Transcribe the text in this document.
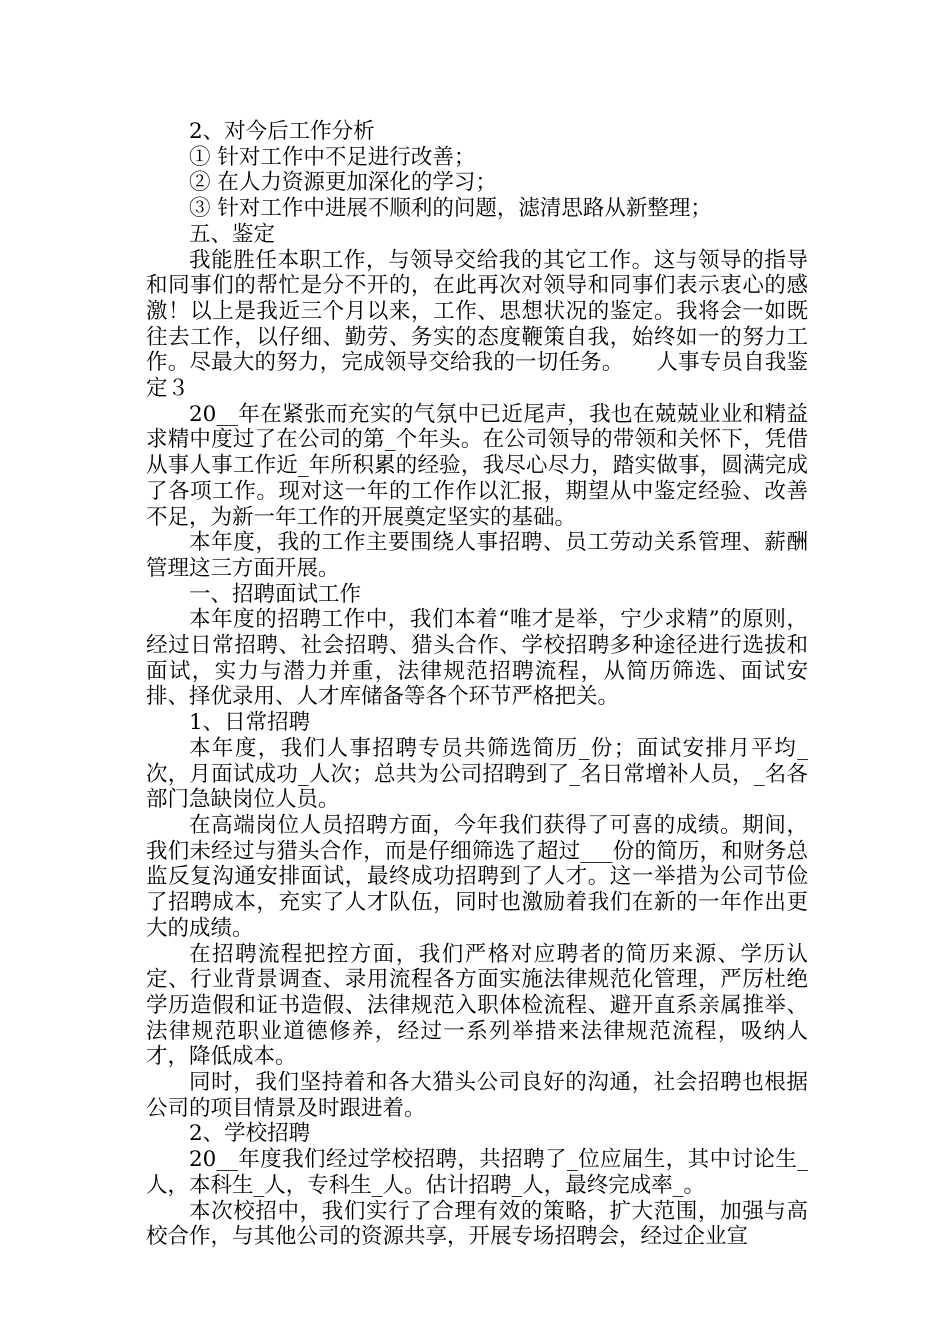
2、对今后工作分析

① 针对工作中不足进行改善；

② 在人力资源更加深化的学习；

③ 针对工作中进展不顺利的问题，滤清思路从新整理；

五、鉴定

我能胜任本职工作，与领导交给我的其它工作。这与领导的指导和同事们的帮忙是分不开的，在此再次对领导和同事们表示衷心的感激！以上是我近三个月以来，工作、思想状况的鉴定。我将会一如既往去工作，以仔细、勤劳、务实的态度鞭策自我，始终如一的努力工作。尽最大的努力，完成领导交给我的一切任务。　　人事专员自我鉴定３

20__年在紧张而充实的气氛中已近尾声，我也在兢兢业业和精益求精中度过了在公司的第_个年头。在公司领导的带领和关怀下，凭借从事人事工作近_年所积累的经验，我尽心尽力，踏实做事，圆满完成了各项工作。现对这一年的工作作以汇报，期望从中鉴定经验、改善不足，为新一年工作的开展奠定坚实的基础。

本年度，我的工作主要围绕人事招聘、员工劳动关系管理、薪酬管理这三方面开展。

一、招聘面试工作

本年度的招聘工作中，我们本着“唯才是举，宁少求精”的原则，经过日常招聘、社会招聘、猎头合作、学校招聘多种途径进行选拔和面试，实力与潜力并重，法律规范招聘流程，从简历筛选、面试安排、择优录用、人才库储备等各个环节严格把关。

1、日常招聘

本年度，我们人事招聘专员共筛选简历_份；面试安排月平均_次，月面试成功_人次；总共为公司招聘到了_名日常增补人员，_名各部门急缺岗位人员。

在高端岗位人员招聘方面，今年我们获得了可喜的成绩。期间，我们未经过与猎头合作，而是仔细筛选了超过___份的简历，和财务总监反复沟通安排面试，最终成功招聘到了人才。这一举措为公司节俭了招聘成本，充实了人才队伍，同时也激励着我们在新的一年作出更大的成绩。

在招聘流程把控方面，我们严格对应聘者的简历来源、学历认定、行业背景调查、录用流程各方面实施法律规范化管理，严厉杜绝学历造假和证书造假、法律规范入职体检流程、避开直系亲属推举、法律规范职业道德修养，经过一系列举措来法律规范流程，吸纳人才，降低成本。

同时，我们坚持着和各大猎头公司良好的沟通，社会招聘也根据公司的项目情景及时跟进着。

2、学校招聘

20__年度我们经过学校招聘，共招聘了_位应届生，其中讨论生_人，本科生_人，专科生_人。估计招聘_人，最终完成率_。

本次校招中，我们实行了合理有效的策略，扩大范围，加强与高校合作，与其他公司的资源共享，开展专场招聘会，经过企业宣
